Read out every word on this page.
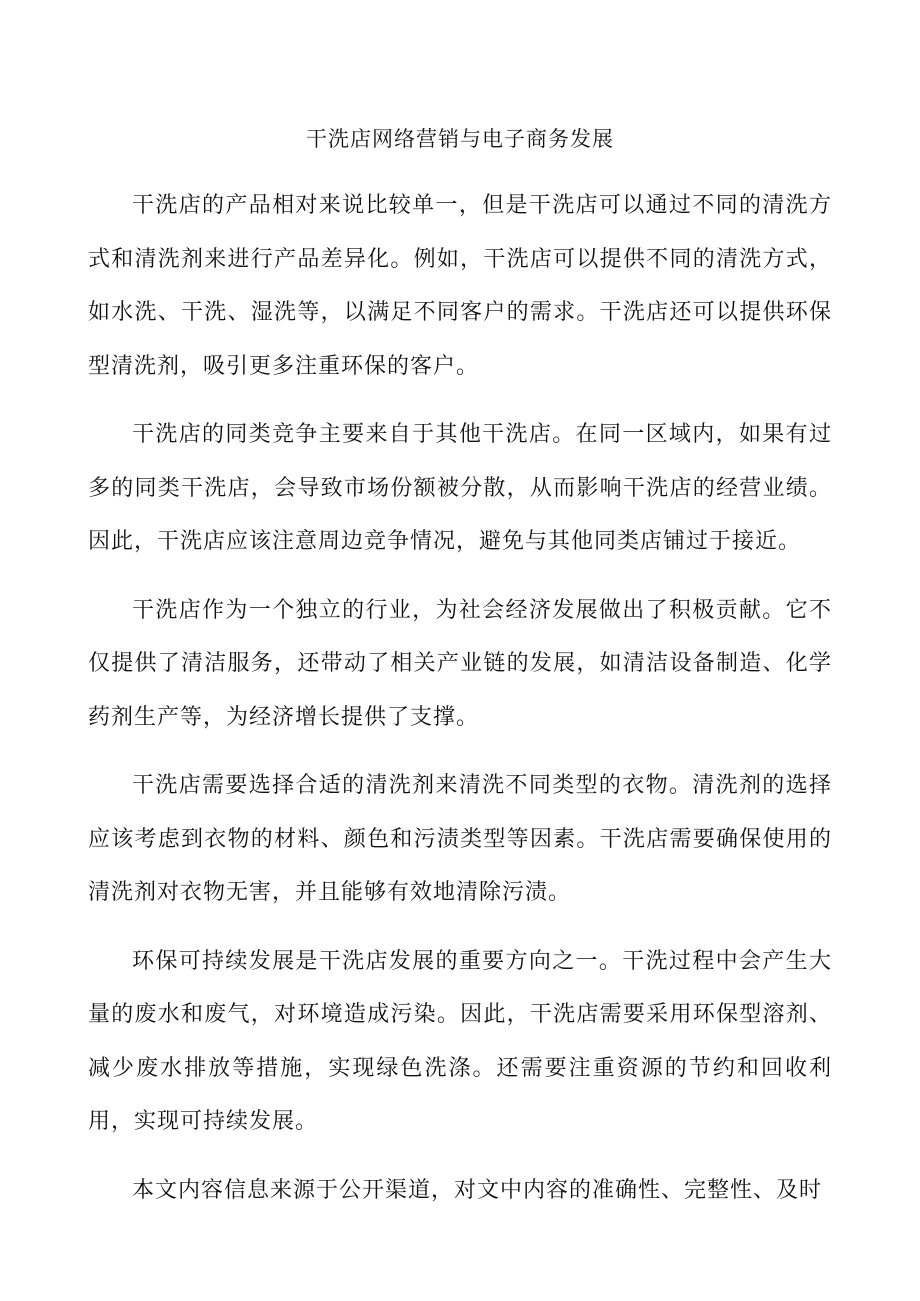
干洗店网络营销与电子商务发展

干洗店的产品相对来说比较单一，但是干洗店可以通过不同的清洗方式和清洗剂来进行产品差异化。例如，干洗店可以提供不同的清洗方式，如水洗、干洗、湿洗等，以满足不同客户的需求。干洗店还可以提供环保型清洗剂，吸引更多注重环保的客户。

干洗店的同类竞争主要来自于其他干洗店。在同一区域内，如果有过多的同类干洗店，会导致市场份额被分散，从而影响干洗店的经营业绩。因此，干洗店应该注意周边竞争情况，避免与其他同类店铺过于接近。

干洗店作为一个独立的行业，为社会经济发展做出了积极贡献。它不仅提供了清洁服务，还带动了相关产业链的发展，如清洁设备制造、化学药剂生产等，为经济增长提供了支撑。

干洗店需要选择合适的清洗剂来清洗不同类型的衣物。清洗剂的选择应该考虑到衣物的材料、颜色和污渍类型等因素。干洗店需要确保使用的清洗剂对衣物无害，并且能够有效地清除污渍。

环保可持续发展是干洗店发展的重要方向之一。干洗过程中会产生大量的废水和废气，对环境造成污染。因此，干洗店需要采用环保型溶剂、减少废水排放等措施，实现绿色洗涤。还需要注重资源的节约和回收利用，实现可持续发展。

本文内容信息来源于公开渠道，对文中内容的准确性、完整性、及时
